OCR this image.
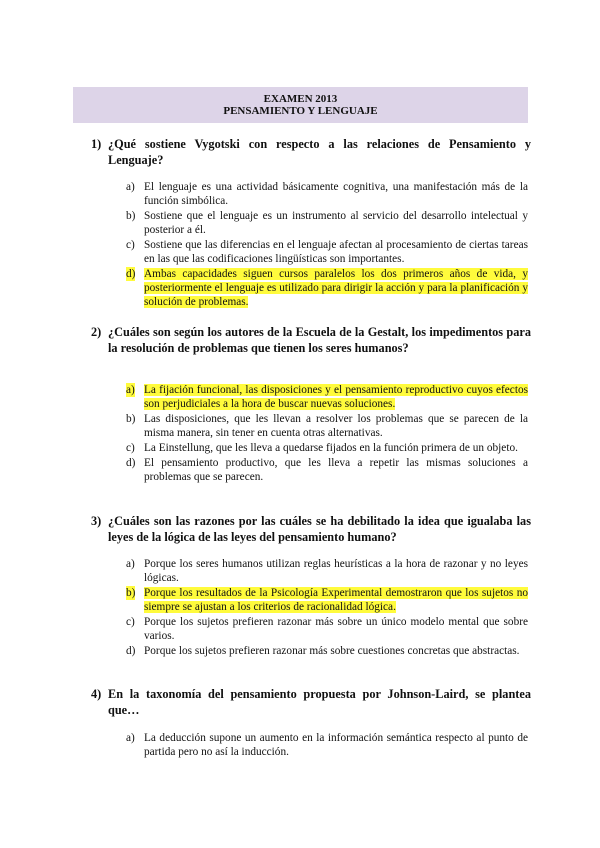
EXAMEN 2013
PENSAMIENTO Y LENGUAJE
1) ¿Qué sostiene Vygotski con respecto a las relaciones de Pensamiento y Lenguaje?
a) El lenguaje es una actividad básicamente cognitiva, una manifestación más de la función simbólica.
b) Sostiene que el lenguaje es un instrumento al servicio del desarrollo intelectual y posterior a él.
c) Sostiene que las diferencias en el lenguaje afectan al procesamiento de ciertas tareas en las que las codificaciones lingüísticas son importantes.
d) Ambas capacidades siguen cursos paralelos los dos primeros años de vida, y posteriormente el lenguaje es utilizado para dirigir la acción y para la planificación y solución de problemas.
2) ¿Cuáles son según los autores de la Escuela de la Gestalt, los impedimentos para la resolución de problemas que tienen los seres humanos?
a) La fijación funcional, las disposiciones y el pensamiento reproductivo cuyos efectos son perjudiciales a la hora de buscar nuevas soluciones.
b) Las disposiciones, que les llevan a resolver los problemas que se parecen de la misma manera, sin tener en cuenta otras alternativas.
c) La Einstellung, que les lleva a quedarse fijados en la función primera de un objeto.
d) El pensamiento productivo, que les lleva a repetir las mismas soluciones a problemas que se parecen.
3) ¿Cuáles son las razones por las cuáles se ha debilitado la idea que igualaba las leyes de la lógica de las leyes del pensamiento humano?
a) Porque los seres humanos utilizan reglas heurísticas a la hora de razonar y no leyes lógicas.
b) Porque los resultados de la Psicología Experimental demostraron que los sujetos no siempre se ajustan a los criterios de racionalidad lógica.
c) Porque los sujetos prefieren razonar más sobre un único modelo mental que sobre varios.
d) Porque los sujetos prefieren razonar más sobre cuestiones concretas que abstractas.
4) En la taxonomía del pensamiento propuesta por Johnson-Laird, se plantea que…
a) La deducción supone un aumento en la información semántica respecto al punto de partida pero no así la inducción.
